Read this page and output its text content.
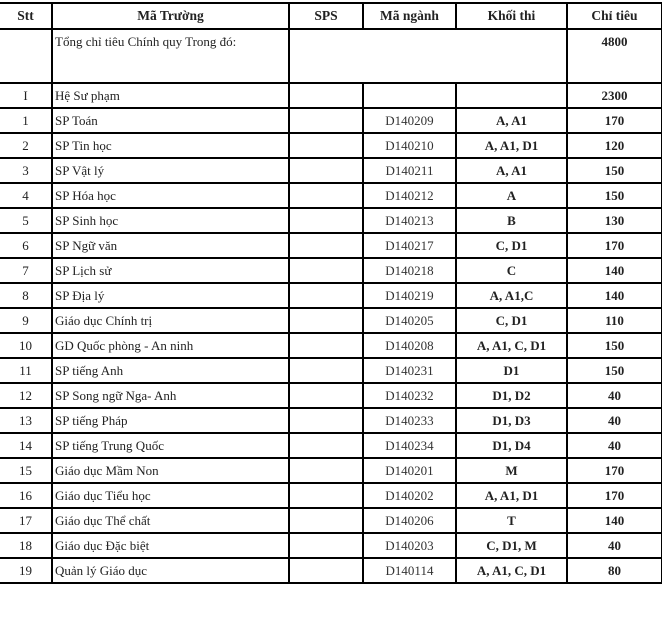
Stt	Mã Trường	SPS	Mã ngành	Khối thi	Chỉ tiêu
	Tổng chỉ tiêu Chính quy Trong đó:				4800
I	Hệ Sư phạm				2300
1	SP Toán		D140209	A, A1	170
2	SP Tin học		D140210	A, A1, D1	120
3	SP Vật lý		D140211	A, A1	150
4	SP Hóa học		D140212	A	150
5	SP Sinh học		D140213	B	130
6	SP Ngữ văn		D140217	C, D1	170
7	SP Lịch sử		D140218	C	140
8	SP Địa lý		D140219	A, A1,C	140
9	Giáo dục Chính trị		D140205	C, D1	110
10	GD Quốc phòng - An ninh		D140208	A, A1, C, D1	150
11	SP tiếng Anh		D140231	D1	150
12	SP Song ngữ Nga- Anh		D140232	D1, D2	40
13	SP tiếng Pháp		D140233	D1, D3	40
14	SP tiếng Trung Quốc		D140234	D1, D4	40
15	Giáo dục Mầm Non		D140201	M	170
16	Giáo dục Tiểu học		D140202	A, A1, D1	170
17	Giáo dục Thể chất		D140206	T	140
18	Giáo dục Đặc biệt		D140203	C, D1, M	40
19	Quản lý Giáo dục		D140114	A, A1, C, D1	80
